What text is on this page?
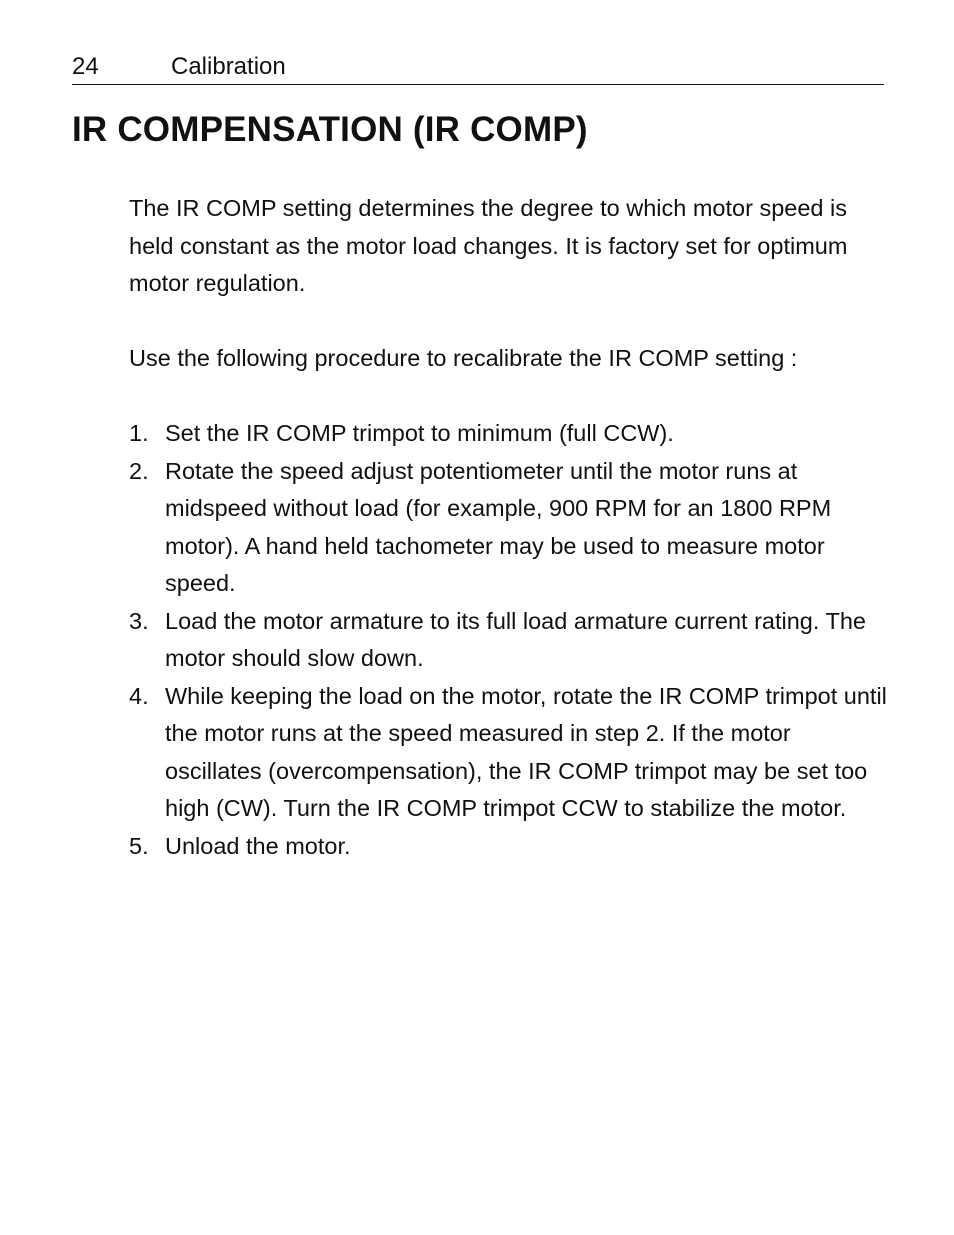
24	Calibration
IR COMPENSATION (IR COMP)

The IR COMP setting determines the degree to which motor speed is held constant as the motor load changes. It is factory set for optimum motor regulation.

Use the following procedure to recalibrate the IR COMP setting :

1. Set the IR COMP trimpot to minimum (full CCW).
2. Rotate the speed adjust potentiometer until the motor runs at midspeed without load (for example, 900 RPM for an 1800 RPM motor). A hand held tachometer may be used to measure motor speed.
3. Load the motor armature to its full load armature current rating. The motor should slow down.
4. While keeping the load on the motor, rotate the IR COMP trimpot until the motor runs at the speed measured in step 2. If the motor oscillates (overcompensation), the IR COMP trimpot may be set too high (CW). Turn the IR COMP trimpot CCW to stabilize the motor.
5. Unload the motor.
